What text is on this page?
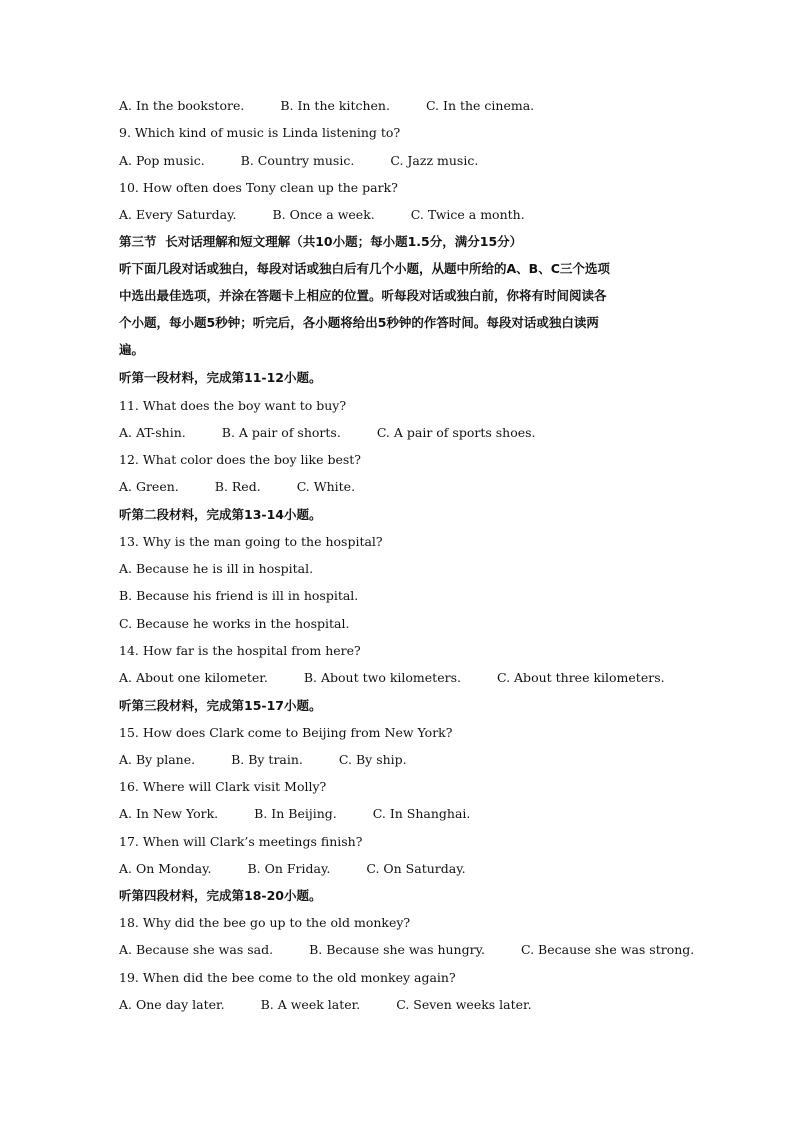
A. In the bookstore.	B. In the kitchen.	C. In the cinema.
9. Which kind of music is Linda listening to?
A. Pop music.	B. Country music.	C. Jazz music.
10. How often does Tony clean up the park?
A. Every Saturday.	B. Once a week.	C. Twice a month.
第三节  长对话理解和短文理解（共10小题；每小题1.5分，满分15分）
听下面几段对话或独白，每段对话或独白后有几个小题，从题中所给的A、B、C三个选项
中选出最佳选项，并涂在答题卡上相应的位置。听每段对话或独白前，你将有时间阅读各
个小题，每小题5秒钟；听完后，各小题将给出5秒钟的作答时间。每段对话或独白读两
遍。
听第一段材料，完成第11-12小题。
11. What does the boy want to buy?
A. AT-shin.	B. A pair of shorts.	C. A pair of sports shoes.
12. What color does the boy like best?
A. Green.	B. Red.	C. White.
听第二段材料，完成第13-14小题。
13. Why is the man going to the hospital?
A. Because he is ill in hospital.
B. Because his friend is ill in hospital.
C. Because he works in the hospital.
14. How far is the hospital from here?
A. About one kilometer.	B. About two kilometers.	C. About three kilometers.
听第三段材料，完成第15-17小题。
15. How does Clark come to Beijing from New York?
A. By plane.	B. By train.	C. By ship.
16. Where will Clark visit Molly?
A. In New York.	B. In Beijing.	C. In Shanghai.
17. When will Clark’s meetings finish?
A. On Monday.	B. On Friday.	C. On Saturday.
听第四段材料，完成第18-20小题。
18. Why did the bee go up to the old monkey?
A. Because she was sad.	B. Because she was hungry.	C. Because she was strong.
19. When did the bee come to the old monkey again?
A. One day later.	B. A week later.	C. Seven weeks later.
